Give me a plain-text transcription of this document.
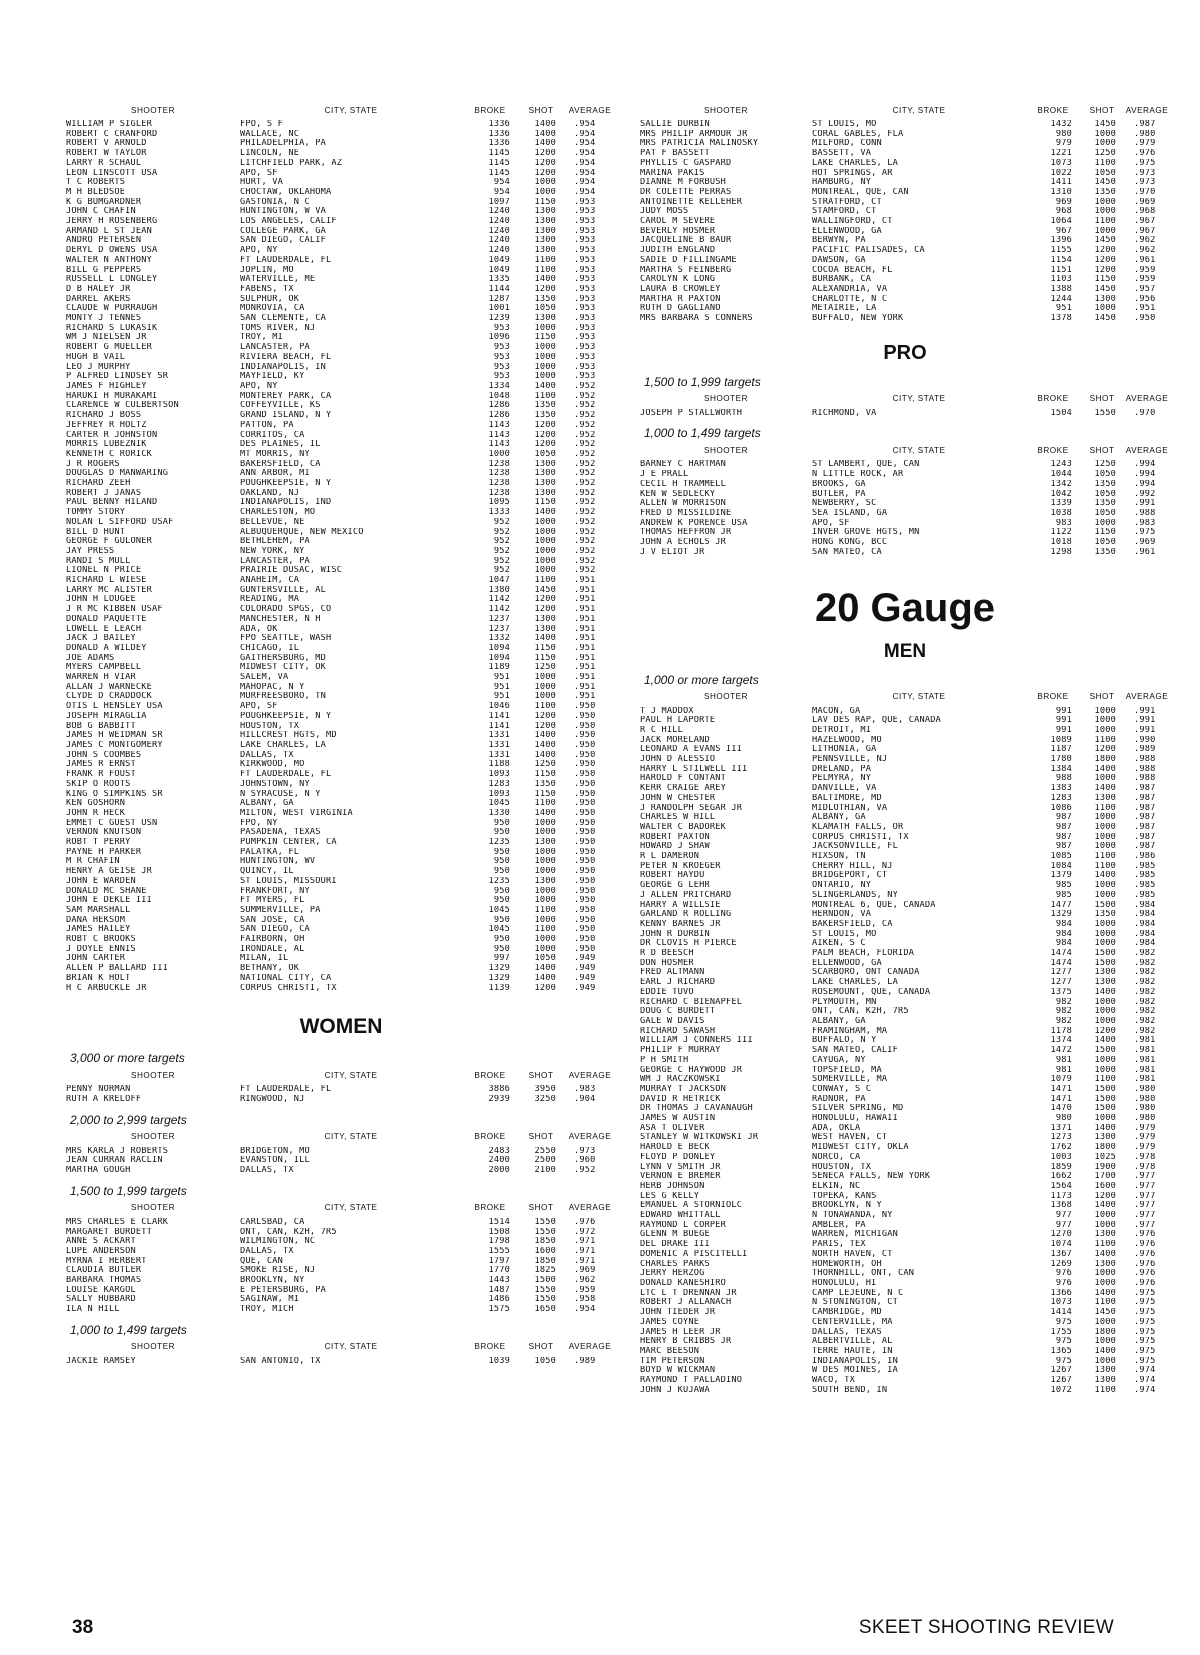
SHOOTER	CITY, STATE	BROKE	SHOT	AVERAGE
WILLIAM P SIGLER	FPO, S F	1336	1400	.954
ROBERT C CRANFORD	WALLACE, NC	1336	1400	.954
ROBERT V ARNOLD	PHILADELPHIA, PA	1336	1400	.954
ROBERT W TAYLOR	LINCOLN, NE	1145	1200	.954
LARRY R SCHAUL	LITCHFIELD PARK, AZ	1145	1200	.954
LEON LINSCOTT USA	APO, SF	1145	1200	.954
T C ROBERTS	HURT, VA	954	1000	.954
M H BLEDSOE	CHOCTAW, OKLAHOMA	954	1000	.954
K G BUMGARDNER	GASTONIA, N C	1097	1150	.953
JOHN C CHAFIN	HUNTINGTON, W VA	1240	1300	.953
JERRY H ROSENBERG	LOS ANGELES, CALIF	1240	1300	.953
ARMAND L ST JEAN	COLLEGE PARK, GA	1240	1300	.953
ANDRO PETERSEN	SAN DIEGO, CALIF	1240	1300	.953
DERYL D OWENS USA	APO, NY	1240	1300	.953
WALTER N ANTHONY	FT LAUDERDALE, FL	1049	1100	.953
BILL G PEPPERS	JOPLIN, MO	1049	1100	.953
RUSSELL L LONGLEY	WATERVILLE, ME	1335	1400	.953
D B HALEY JR	FABENS, TX	1144	1200	.953
DARREL AKERS	SULPHUR, OK	1287	1350	.953
CLAUDE W PURRAUGH	MONROVIA, CA	1001	1050	.953
MONTY J TENNES	SAN CLEMENTE, CA	1239	1300	.953
RICHARD S LUKASIK	TOMS RIVER, NJ	953	1000	.953
WM J NIELSEN JR	TROY, MI	1096	1150	.953
ROBERT G MUELLER	LANCASTER, PA	953	1000	.953
HUGH B VAIL	RIVIERA BEACH, FL	953	1000	.953
LEO J MURPHY	INDIANAPOLIS, IN	953	1000	.953
P ALFRED LINDSEY SR	MAYFIELD, KY	953	1000	.953
JAMES F HIGHLEY	APO, NY	1334	1400	.952
HARUKI H MURAKAMI	MONTEREY PARK, CA	1048	1100	.952
CLARENCE W CULBERTSON	COFFEYVILLE, KS	1286	1350	.952
RICHARD J BOSS	GRAND ISLAND, N Y	1286	1350	.952
JEFFREY R HOLTZ	PATTON, PA	1143	1200	.952
CARTER R JOHNSTON	CORRITOS, CA	1143	1200	.952
MORRIS LUBEZNIK	DES PLAINES, IL	1143	1200	.952
KENNETH C RORICK	MT MORRIS, NY	1000	1050	.952
J R ROGERS	BAKERSFIELD, CA	1238	1300	.952
DOUGLAS D MANWARING	ANN ARBOR, MI	1238	1300	.952
RICHARD ZEEH	POUGHKEEPSIE, N Y	1238	1300	.952
ROBERT J JANAS	OAKLAND, NJ	1238	1300	.952
PAUL BENNY HILAND	INDIANAPOLIS, IND	1095	1150	.952
TOMMY STORY	CHARLESTON, MO	1333	1400	.952
NOLAN L SIFFORD USAF	BELLEVUE, NE	952	1000	.952
BILL D HUNT	ALBUQUERQUE, NEW MEXICO	952	1000	.952
GEORGE F GULONER	BETHLEHEM, PA	952	1000	.952
JAY PRESS	NEW YORK, NY	952	1000	.952
RANDI S MULL	LANCASTER, PA	952	1000	.952
LIONEL N PRICE	PRAIRIE DUSAC, WISC	952	1000	.952
RICHARD L WIESE	ANAHEIM, CA	1047	1100	.951
LARRY MC ALISTER	GUNTERSVILLE, AL	1380	1450	.951
JOHN H LOUGEE	READING, MA	1142	1200	.951
J R MC KIBBEN USAF	COLORADO SPGS, CO	1142	1200	.951
DONALD PAQUETTE	MANCHESTER, N H	1237	1300	.951
LOWELL E LEACH	ADA, OK	1237	1300	.951
JACK J BAILEY	FPO SEATTLE, WASH	1332	1400	.951
DONALD A WILDEY	CHICAGO, IL	1094	1150	.951
JOE ADAMS	GAITHERSBURG, MD	1094	1150	.951
MYERS CAMPBELL	MIDWEST CITY, OK	1189	1250	.951
WARREN H VIAR	SALEM, VA	951	1000	.951
ALLAN J WARNECKE	MAHOPAC, N Y	951	1000	.951
CLYDE D CRADDOCK	MURFREESBORO, TN	951	1000	.951
OTIS L HENSLEY USA	APO, SF	1046	1100	.950
JOSEPH MIRAGLIA	POUGHKEEPSIE, N Y	1141	1200	.950
BOB G BABBITT	HOUSTON, TX	1141	1200	.950
JAMES H WEIDMAN SR	HILLCREST HGTS, MD	1331	1400	.950
JAMES C MONTGOMERY	LAKE CHARLES, LA	1331	1400	.950
JOHN S COOMBES	DALLAS, TX	1331	1400	.950
JAMES R ERNST	KIRKWOOD, MO	1188	1250	.950
FRANK R FOUST	FT LAUDERDALE, FL	1093	1150	.950
SKIP O ROOTS	JOHNSTOWN, NY	1283	1350	.950
KING O SIMPKINS SR	N SYRACUSE, N Y	1093	1150	.950
KEN GOSHORN	ALBANY, GA	1045	1100	.950
JOHN R HECK	MILTON, WEST VIRGINIA	1330	1400	.950
EMMET C GUEST USN	FPO, NY	950	1000	.950
VERNON KNUTSON	PASADENA, TEXAS	950	1000	.950
ROBT T PERRY	PUMPKIN CENTER, CA	1235	1300	.950
PAYNE H PARKER	PALATKA, FL	950	1000	.950
M R CHAFIN	HUNTINGTON, WV	950	1000	.950
HENRY A GEISE JR	QUINCY, IL	950	1000	.950
JOHN E WARDEN	ST LOUIS, MISSOURI	1235	1300	.950
DONALD MC SHANE	FRANKFORT, NY	950	1000	.950
JOHN E DEKLE III	FT MYERS, FL	950	1000	.950
SAM MARSHALL	SUMMERVILLE, PA	1045	1100	.950
DANA HEKSOM	SAN JOSE, CA	950	1000	.950
JAMES HAILEY	SAN DIEGO, CA	1045	1100	.950
ROBT C BROOKS	FAIRBORN, OH	950	1000	.950
J DOYLE ENNIS	IRONDALE, AL	950	1000	.950
JOHN CARTER	MILAN, IL	997	1050	.949
ALLEN P BALLARD III	BETHANY, OK	1329	1400	.949
BRIAN K HOLT	NATIONAL CITY, CA	1329	1400	.949
H C ARBUCKLE JR	CORPUS CHRISTI, TX	1139	1200	.949
WOMEN
3,000 or more targets
SHOOTER	CITY, STATE	BROKE	SHOT	AVERAGE
PENNY NORMAN	FT LAUDERDALE, FL	3886	3950	.983
RUTH A KRELOFF	RINGWOOD, NJ	2939	3250	.904
2,000 to 2,999 targets
SHOOTER	CITY, STATE	BROKE	SHOT	AVERAGE
MRS KARLA J ROBERTS	BRIDGETON, MO	2483	2550	.973
JEAN CURRAN RACLIN	EVANSTON, ILL	2400	2500	.960
MARTHA GOUGH	DALLAS, TX	2000	2100	.952
1,500 to 1,999 targets
SHOOTER	CITY, STATE	BROKE	SHOT	AVERAGE
MRS CHARLES E CLARK	CARLSBAD, CA	1514	1550	.976
MARGARET BURDETT	ONT, CAN, K2H, 7R5	1508	1550	.972
ANNE S ACKART	WILMINGTON, NC	1798	1850	.971
LUPE ANDERSON	DALLAS, TX	1555	1600	.971
MYRNA I HERBERT	QUE, CAN	1797	1850	.971
CLAUDIA BUTLER	SMOKE RISE, NJ	1770	1825	.969
BARBARA THOMAS	BROOKLYN, NY	1443	1500	.962
LOUISE KARGOL	E PETERSBURG, PA	1487	1550	.959
SALLY HUBBARD	SAGINAW, MI	1486	1550	.958
ILA N HILL	TROY, MICH	1575	1650	.954
1,000 to 1,499 targets
SHOOTER	CITY, STATE	BROKE	SHOT	AVERAGE
JACKIE RAMSEY	SAN ANTONIO, TX	1039	1050	.989
SHOOTER	CITY, STATE	BROKE	SHOT	AVERAGE
SALLIE DURBIN	ST LOUIS, MO	1432	1450	.987
MRS PHILIP ARMOUR JR	CORAL GABLES, FLA	980	1000	.980
MRS PATRICIA MALINOSKY	MILFORD, CONN	979	1000	.979
PAT F BASSETT	BASSETT, VA	1221	1250	.976
PHYLLIS C GASPARD	LAKE CHARLES, LA	1073	1100	.975
MARINA PAKIS	HOT SPRINGS, AR	1022	1050	.973
DIANNE M FORBUSH	HAMBURG, NY	1411	1450	.973
DR COLETTE PERRAS	MONTREAL, QUE, CAN	1310	1350	.970
ANTOINETTE KELLEHER	STRATFORD, CT	969	1000	.969
JUDY MOSS	STAMFORD, CT	968	1000	.968
CAROL M SEVERE	WALLINGFORD, CT	1064	1100	.967
BEVERLY HOSMER	ELLENWOOD, GA	967	1000	.967
JACQUELINE B BAUR	BERWYN, PA	1396	1450	.962
JUDITH ENGLAND	PACIFIC PALISADES, CA	1155	1200	.962
SADIE D FILLINGAME	DAWSON, GA	1154	1200	.961
MARTHA S FEINBERG	COCOA BEACH, FL	1151	1200	.959
CAROLYN K LONG	BURBANK, CA	1103	1150	.959
LAURA B CROWLEY	ALEXANDRIA, VA	1388	1450	.957
MARTHA R PAXTON	CHARLOTTE, N C	1244	1300	.956
RUTH D GAGLIANO	METAIRIE, LA	951	1000	.951
MRS BARBARA S CONNERS	BUFFALO, NEW YORK	1378	1450	.950
PRO
1,500 to 1,999 targets
SHOOTER	CITY, STATE	BROKE	SHOT	AVERAGE
JOSEPH P STALLWORTH	RICHMOND, VA	1504	1550	.970
1,000 to 1,499 targets
SHOOTER	CITY, STATE	BROKE	SHOT	AVERAGE
BARNEY C HARTMAN	ST LAMBERT, QUE, CAN	1243	1250	.994
J E PRALL	N LITTLE ROCK, AR	1044	1050	.994
CECIL H TRAMMELL	BROOKS, GA	1342	1350	.994
KEN W SEDLECKY	BUTLER, PA	1042	1050	.992
ALLEN W MORRISON	NEWBERRY, SC	1339	1350	.991
FRED D MISSILDINE	SEA ISLAND, GA	1038	1050	.988
ANDREW K PORENCE USA	APO, SF	983	1000	.983
THOMAS HEFFRON JR	INVER GROVE HGTS, MN	1122	1150	.975
JOHN A ECHOLS JR	HONG KONG, BCC	1018	1050	.969
J V ELIOT JR	SAN MATEO, CA	1298	1350	.961
20 Gauge
MEN
1,000 or more targets
SHOOTER	CITY, STATE	BROKE	SHOT	AVERAGE
T J MADDOX	MACON, GA	991	1000	.991
PAUL H LAPORTE	LAV DES RAP, QUE, CANADA	991	1000	.991
R C HILL	DETROIT, MI	991	1000	.991
JACK MORELAND	HAZELWOOD, MO	1089	1100	.990
LEONARD A EVANS III	LITHONIA, GA	1187	1200	.989
JOHN D ALESSIO	PENNSVILLE, NJ	1780	1800	.988
HARRY L STILWELL III	DRELAND, PA	1384	1400	.988
HAROLD F CONTANT	PELMYRA, NY	988	1000	.988
KERR CRAIGE AREY	DANVILLE, VA	1383	1400	.987
JOHN W CHESTER	BALTIMORE, MD	1283	1300	.987
J RANDOLPH SEGAR JR	MIDLOTHIAN, VA	1086	1100	.987
CHARLES W HILL	ALBANY, GA	987	1000	.987
WALTER C BADOREK	KLAMATH FALLS, OR	987	1000	.987
ROBERT PAXTON	CORPUS CHRISTI, TX	987	1000	.987
HOWARD J SHAW	JACKSONVILLE, FL	987	1000	.987
R L DAMERON	HIXSON, TN	1085	1100	.986
PETER N KROEGER	CHERRY HILL, NJ	1084	1100	.985
ROBERT HAYDU	BRIDGEPORT, CT	1379	1400	.985
GEORGE G LEHR	ONTARIO, NY	985	1000	.985
J ALLEN PRITCHARD	SLINGERLANDS, NY	985	1000	.985
HARRY A WILLSIE	MONTREAL 6, QUE, CANADA	1477	1500	.984
GARLAND R ROLLING	HERNDON, VA	1329	1350	.984
KENNY BARNES JR	BAKERSFIELD, CA	984	1000	.984
JOHN R DURBIN	ST LOUIS, MO	984	1000	.984
DR CLOVIS H PIERCE	AIKEN, S C	984	1000	.984
R D BEESCH	PALM BEACH, FLORIDA	1474	1500	.982
DON HOSMER	ELLENWOOD, GA	1474	1500	.982
FRED ALTMANN	SCARBORO, ONT CANADA	1277	1300	.982
EARL J RICHARD	LAKE CHARLES, LA	1277	1300	.982
EDDIE TUVO	ROSEMOUNT, QUE, CANADA	1375	1400	.982
RICHARD C BIENAPFEL	PLYMOUTH, MN	982	1000	.982
DOUG C BURDETT	ONT, CAN, K2H, 7R5	982	1000	.982
GALE W DAVIS	ALBANY, GA	982	1000	.982
RICHARD SAWASH	FRAMINGHAM, MA	1178	1200	.982
WILLIAM J CONNERS III	BUFFALO, N Y	1374	1400	.981
PHILIP F MURRAY	SAN MATEO, CALIF	1472	1500	.981
P H SMITH	CAYUGA, NY	981	1000	.981
GEORGE C HAYWOOD JR	TOPSFIELD, MA	981	1000	.981
WM J RACZKOWSKI	SOMERVILLE, MA	1079	1100	.981
MURRAY T JACKSON	CONWAY, S C	1471	1500	.980
DAVID R HETRICK	RADNOR, PA	1471	1500	.980
DR THOMAS J CAVANAUGH	SILVER SPRING, MD	1470	1500	.980
JAMES W AUSTIN	HONOLULU, HAWAII	980	1000	.980
ASA T OLIVER	ADA, OKLA	1371	1400	.979
STANLEY W WITKOWSKI JR	WEST HAVEN, CT	1273	1300	.979
HAROLD E BECK	MIDWEST CITY, OKLA	1762	1800	.979
FLOYD P DONLEY	NORCO, CA	1003	1025	.978
LYNN V SMITH JR	HOUSTON, TX	1859	1900	.978
VERNON E BREMER	SENECA FALLS, NEW YORK	1662	1700	.977
HERB JOHNSON	ELKIN, NC	1564	1600	.977
LES G KELLY	TOPEKA, KANS	1173	1200	.977
EMANUEL A STORNIOLC	BROOKLYN, N Y	1368	1400	.977
EDWARD WHITTALL	N TONAWANDA, NY	977	1000	.977
RAYMOND L CORPER	AMBLER, PA	977	1000	.977
GLENN M BUEGE	WARREN, MICHIGAN	1270	1300	.976
DEL DRAKE III	PARIS, TEX	1074	1100	.976
DOMENIC A PISCITELLI	NORTH HAVEN, CT	1367	1400	.976
CHARLES PARKS	HOMEWORTH, OH	1269	1300	.976
JERRY HERZOG	THORNHILL, ONT, CAN	976	1000	.976
DONALD KANESHIRO	HONOLULU, HI	976	1000	.976
LTC L T DRENNAN JR	CAMP LEJEUNE, N C	1366	1400	.975
ROBERT J ALLANACH	N STONINGTON, CT	1073	1100	.975
JOHN TIEDER JR	CAMBRIDGE, MD	1414	1450	.975
JAMES COYNE	CENTERVILLE, MA	975	1000	.975
JAMES H LEER JR	DALLAS, TEXAS	1755	1800	.975
HENRY B CRIBBS JR	ALBERTVILLE, AL	975	1000	.975
MARC BEESON	TERRE HAUTE, IN	1365	1400	.975
TIM PETERSON	INDIANAPOLIS, IN	975	1000	.975
BOYD W WICKMAN	W DES MOINES, IA	1267	1300	.974
RAYMOND T PALLADINO	WACO, TX	1267	1300	.974
JOHN J KUJAWA	SOUTH BEND, IN	1072	1100	.974
38	SKEET SHOOTING REVIEW
